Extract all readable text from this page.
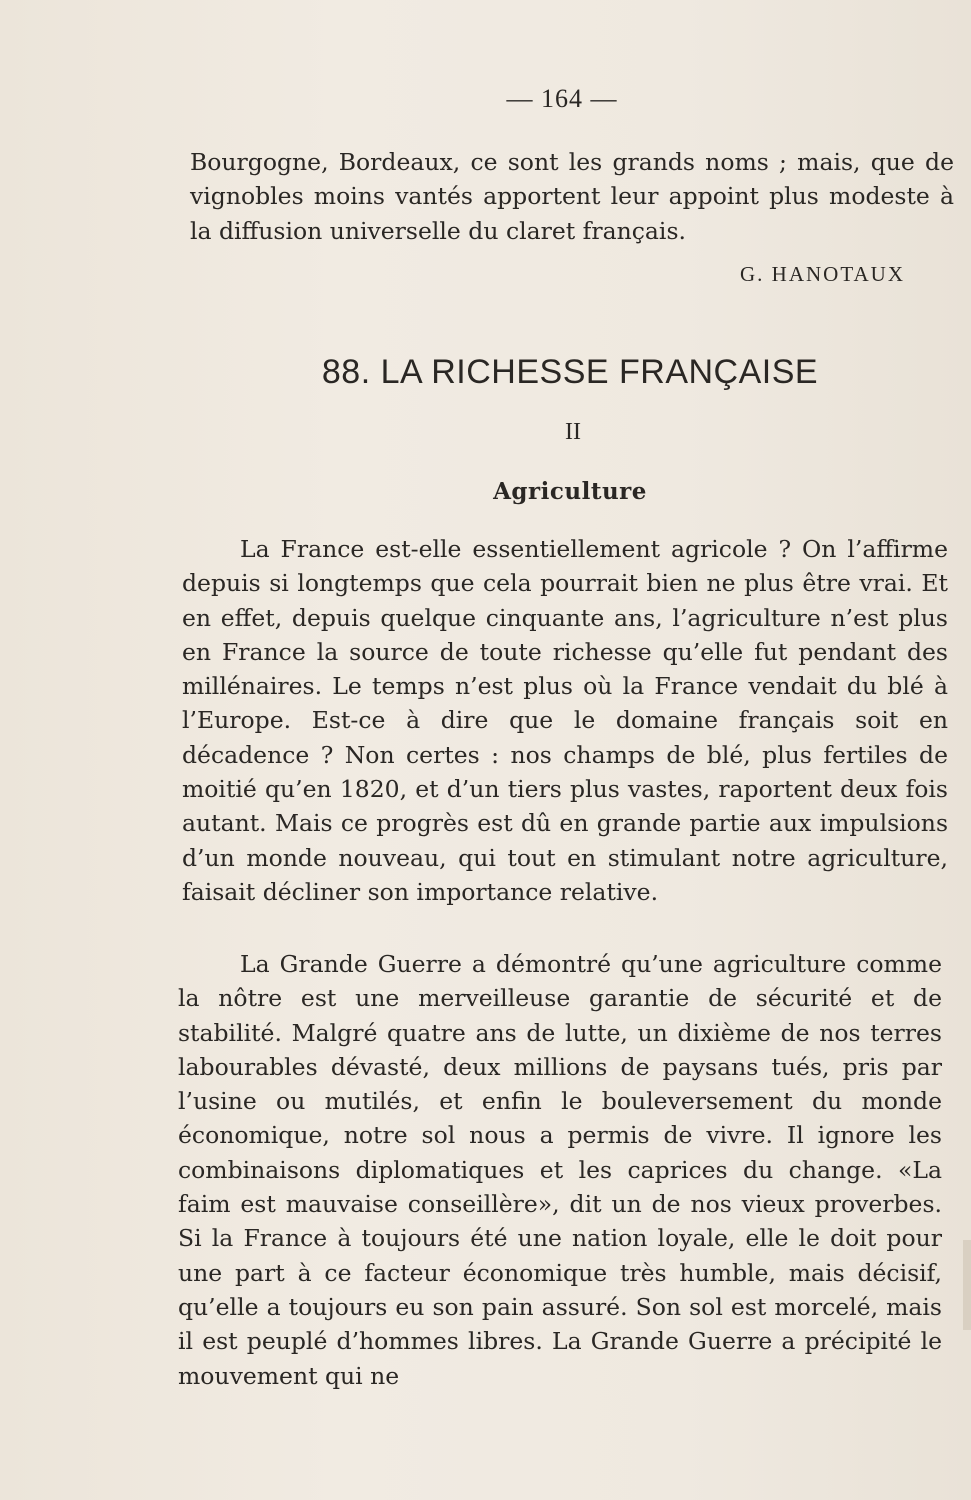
— 164 —

Bourgogne, Bordeaux, ce sont les grands noms ; mais, que de vignobles moins vantés apportent leur appoint plus modeste à la diffusion universelle du claret français.

G. HANOTAUX
88. LA RICHESSE FRANÇAISE
II
Agriculture

La France est-elle essentiellement agricole ? On l’affirme depuis si longtemps que cela pourrait bien ne plus être vrai. Et en effet, depuis quelque cinquante ans, l’agriculture n’est plus en France la source de toute richesse qu’elle fut pendant des millénaires. Le temps n’est plus où la France vendait du blé à l’Europe. Est-ce à dire que le domaine français soit en décadence ? Non certes : nos champs de blé, plus fertiles de moitié qu’en 1820, et d’un tiers plus vastes, raportent deux fois autant. Mais ce progrès est dû en grande partie aux impulsions d’un monde nouveau, qui tout en stimulant notre agriculture, faisait décliner son importance relative.

La Grande Guerre a démontré qu’une agriculture comme la nôtre est une merveilleuse garantie de sécurité et de stabilité. Malgré quatre ans de lutte, un dixième de nos terres labourables dévasté, deux millions de paysans tués, pris par l’usine ou mutilés, et enfin le bouleversement du monde économique, notre sol nous a permis de vivre. Il ignore les combinaisons diplomatiques et les caprices du change. «La faim est mauvaise conseillère», dit un de nos vieux proverbes. Si la France à toujours été une nation loyale, elle le doit pour une part à ce facteur économique très humble, mais décisif, qu’elle a toujours eu son pain assuré. Son sol est morcelé, mais il est peuplé d’hommes libres. La Grande Guerre a précipité le mouvement qui ne
